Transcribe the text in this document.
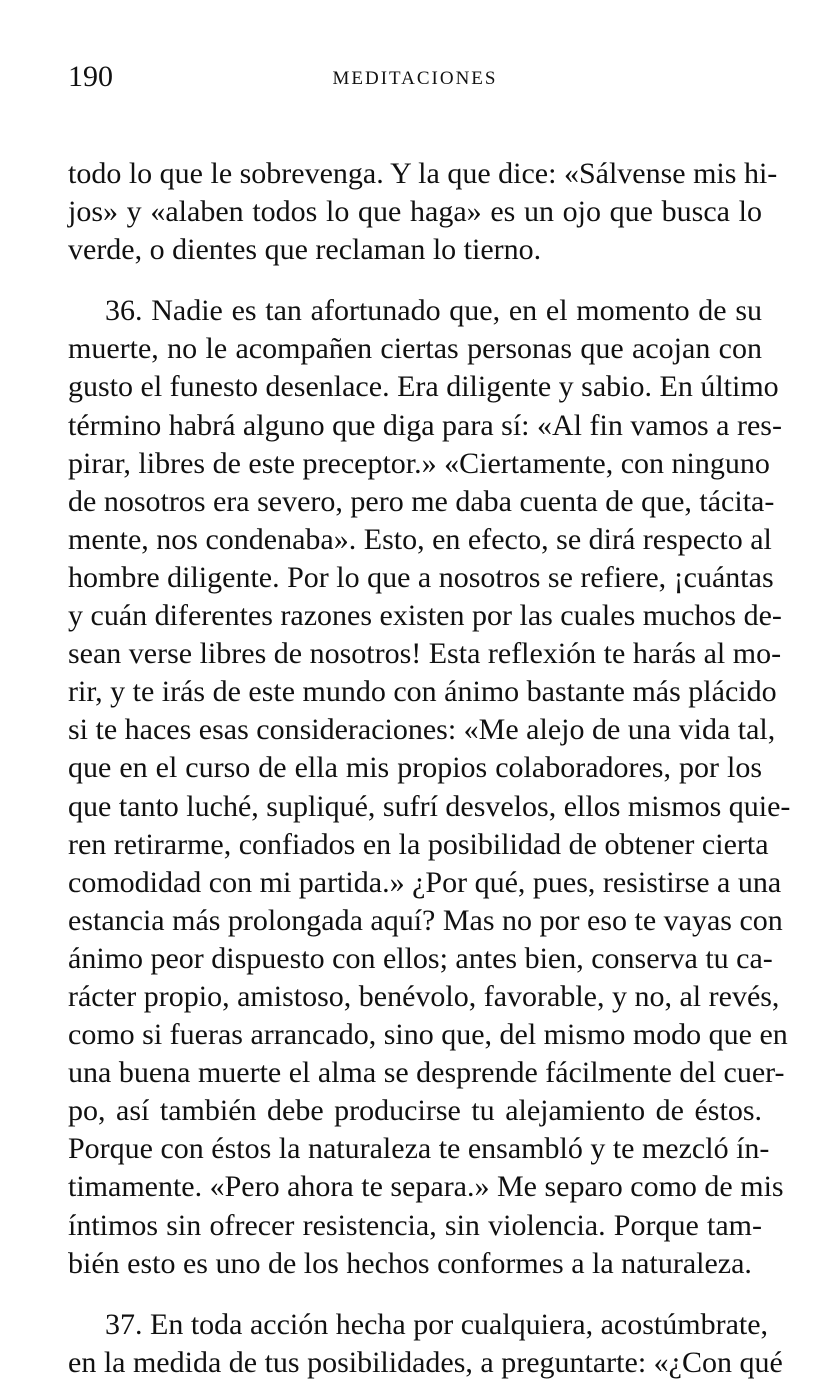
190	MEDITACIONES
todo lo que le sobrevenga. Y la que dice: «Sálvense mis hi-
jos» y «alaben todos lo que haga» es un ojo que busca lo
verde, o dientes que reclaman lo tierno.
36. Nadie es tan afortunado que, en el momento de su
muerte, no le acompañen ciertas personas que acojan con
gusto el funesto desenlace. Era diligente y sabio. En último
término habrá alguno que diga para sí: «Al fin vamos a res-
pirar, libres de este preceptor.» «Ciertamente, con ninguno
de nosotros era severo, pero me daba cuenta de que, tácita-
mente, nos condenaba». Esto, en efecto, se dirá respecto al
hombre diligente. Por lo que a nosotros se refiere, ¡cuántas
y cuán diferentes razones existen por las cuales muchos de-
sean verse libres de nosotros! Esta reflexión te harás al mo-
rir, y te irás de este mundo con ánimo bastante más plácido
si te haces esas consideraciones: «Me alejo de una vida tal,
que en el curso de ella mis propios colaboradores, por los
que tanto luché, supliqué, sufrí desvelos, ellos mismos quie-
ren retirarme, confiados en la posibilidad de obtener cierta
comodidad con mi partida.» ¿Por qué, pues, resistirse a una
estancia más prolongada aquí? Mas no por eso te vayas con
ánimo peor dispuesto con ellos; antes bien, conserva tu ca-
rácter propio, amistoso, benévolo, favorable, y no, al revés,
como si fueras arrancado, sino que, del mismo modo que en
una buena muerte el alma se desprende fácilmente del cuer-
po, así también debe producirse tu alejamiento de éstos.
Porque con éstos la naturaleza te ensambló y te mezcló ín-
timamente. «Pero ahora te separa.» Me separo como de mis
íntimos sin ofrecer resistencia, sin violencia. Porque tam-
bién esto es uno de los hechos conformes a la naturaleza.
37. En toda acción hecha por cualquiera, acostúmbrate,
en la medida de tus posibilidades, a preguntarte: «¿Con qué
